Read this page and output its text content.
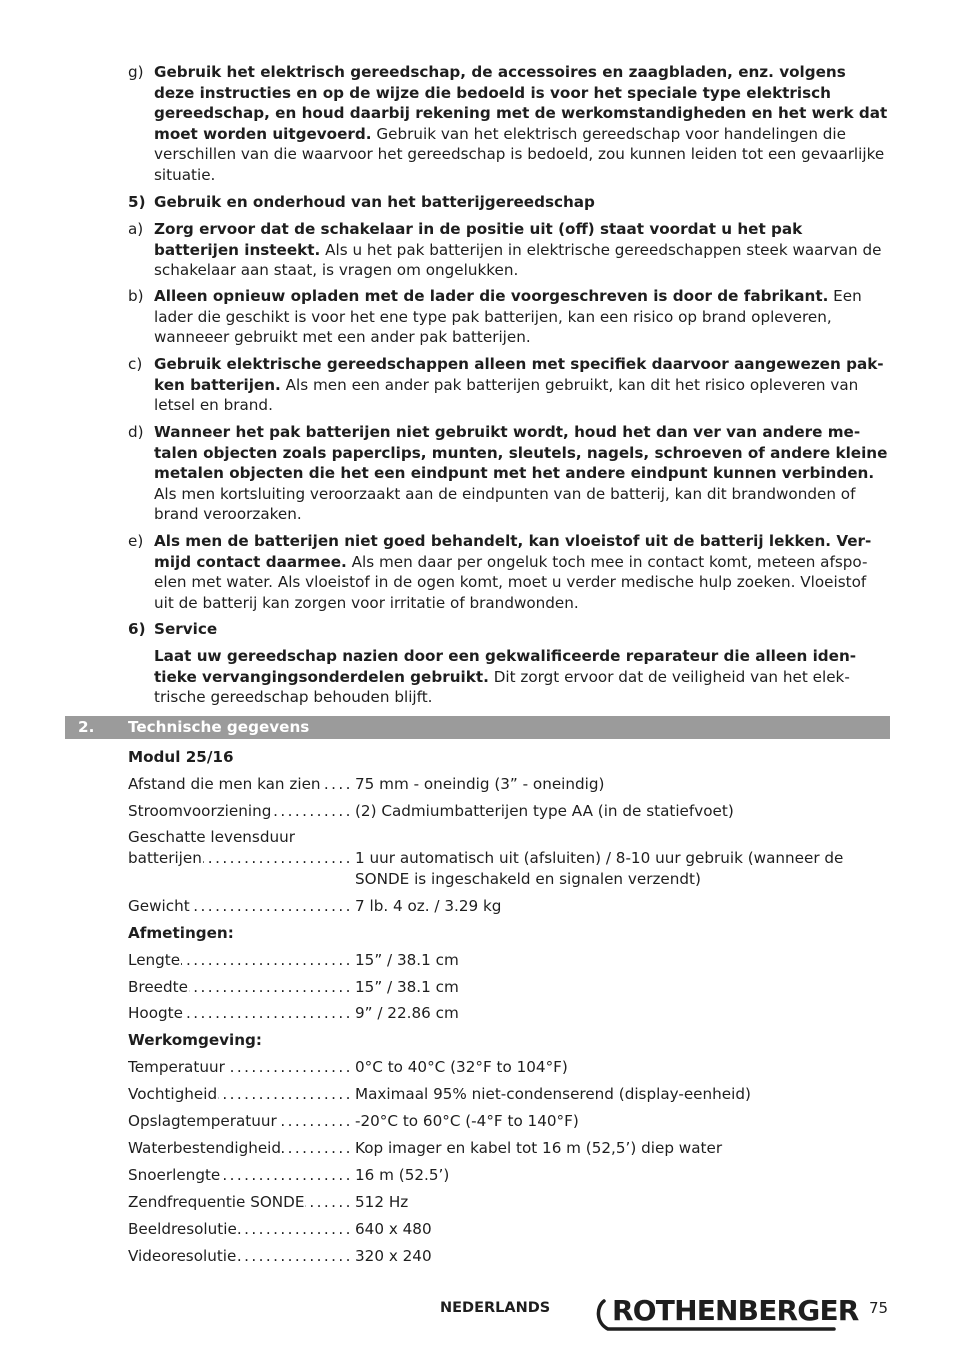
g) Gebruik het elektrisch gereedschap, de accessoires en zaagbladen, enz. volgens deze instructies en op de wijze die bedoeld is voor het speciale type elektrisch gereedschap, en houd daarbij rekening met de werkomstandigheden en het werk dat moet worden uitgevoerd. Gebruik van het elektrisch gereedschap voor handelingen die verschillen van die waarvoor het gereedschap is bedoeld, zou kunnen leiden tot een gevaarlijke situatie.
5) Gebruik en onderhoud van het batterijgereedschap
a) Zorg ervoor dat de schakelaar in de positie uit (off) staat voordat u het pak batterijen insteekt. Als u het pak batterijen in elektrische gereedschappen steek waarvan de schakelaar aan staat, is vragen om ongelukken.
b) Alleen opnieuw opladen met de lader die voorgeschreven is door de fabrikant. Een lader die geschikt is voor het ene type pak batterijen, kan een risico op brand opleveren, wanneeer gebruikt met een ander pak batterijen.
c) Gebruik elektrische gereedschappen alleen met specifiek daarvoor aangewezen pak-ken batterijen. Als men een ander pak batterijen gebruikt, kan dit het risico opleveren van letsel en brand.
d) Wanneer het pak batterijen niet gebruikt wordt, houd het dan ver van andere me-talen objecten zoals paperclips, munten, sleutels, nagels, schroeven of andere kleine metalen objecten die het een eindpunt met het andere eindpunt kunnen verbinden. Als men kortsluiting veroorzaakt aan de eindpunten van de batterij, kan dit brandwonden of brand veroorzaken.
e) Als men de batterijen niet goed behandelt, kan vloeistof uit de batterij lekken. Ver-mijd contact daarmee. Als men daar per ongeluk toch mee in contact komt, meteen afspo-elen met water. Als vloeistof in de ogen komt, moet u verder medische hulp zoeken. Vloeistof uit de batterij kan zorgen voor irritatie of brandwonden.
6) Service
Laat uw gereedschap nazien door een gekwalificeerde reparateur die alleen iden-tieke vervangingsonderdelen gebruikt. Dit zorgt ervoor dat de veiligheid van het elek-trische gereedschap behouden blijft.
2. Technische gegevens
Modul 25/16
Afstand die men kan zien . . .	75 mm - oneindig (3” - oneindig)
Stroomvoorziening . . .	(2) Cadmiumbatterijen type AA (in de statiefvoet)
Geschatte levensduur
batterijen . . .	1 uur automatisch uit (afsluiten) / 8-10 uur gebruik (wanneer de SONDE is ingeschakeld en signalen verzendt)
Gewicht . . .	7 lb. 4 oz. / 3.29 kg
Afmetingen:
Lengte . . .	15” / 38.1 cm
Breedte . . .	15” / 38.1 cm
Hoogte . . .	9” / 22.86 cm
Werkomgeving:
Temperatuur . . .	0°C to 40°C (32°F to 104°F)
Vochtigheid . . .	Maximaal 95% niet-condenserend (display-eenheid)
Opslagtemperatuur . . .	-20°C to 60°C (-4°F to 140°F)
Waterbestendigheid . . .	Kop imager en kabel tot 16 m (52,5’) diep water
Snoerlengte . . .	16 m (52.5’)
Zendfrequentie SONDE . . .	512 Hz
Beeldresolutie . . .	640 x 480
Videoresolutie . . .	320 x 240
NEDERLANDS ROTHENBERGER 75
